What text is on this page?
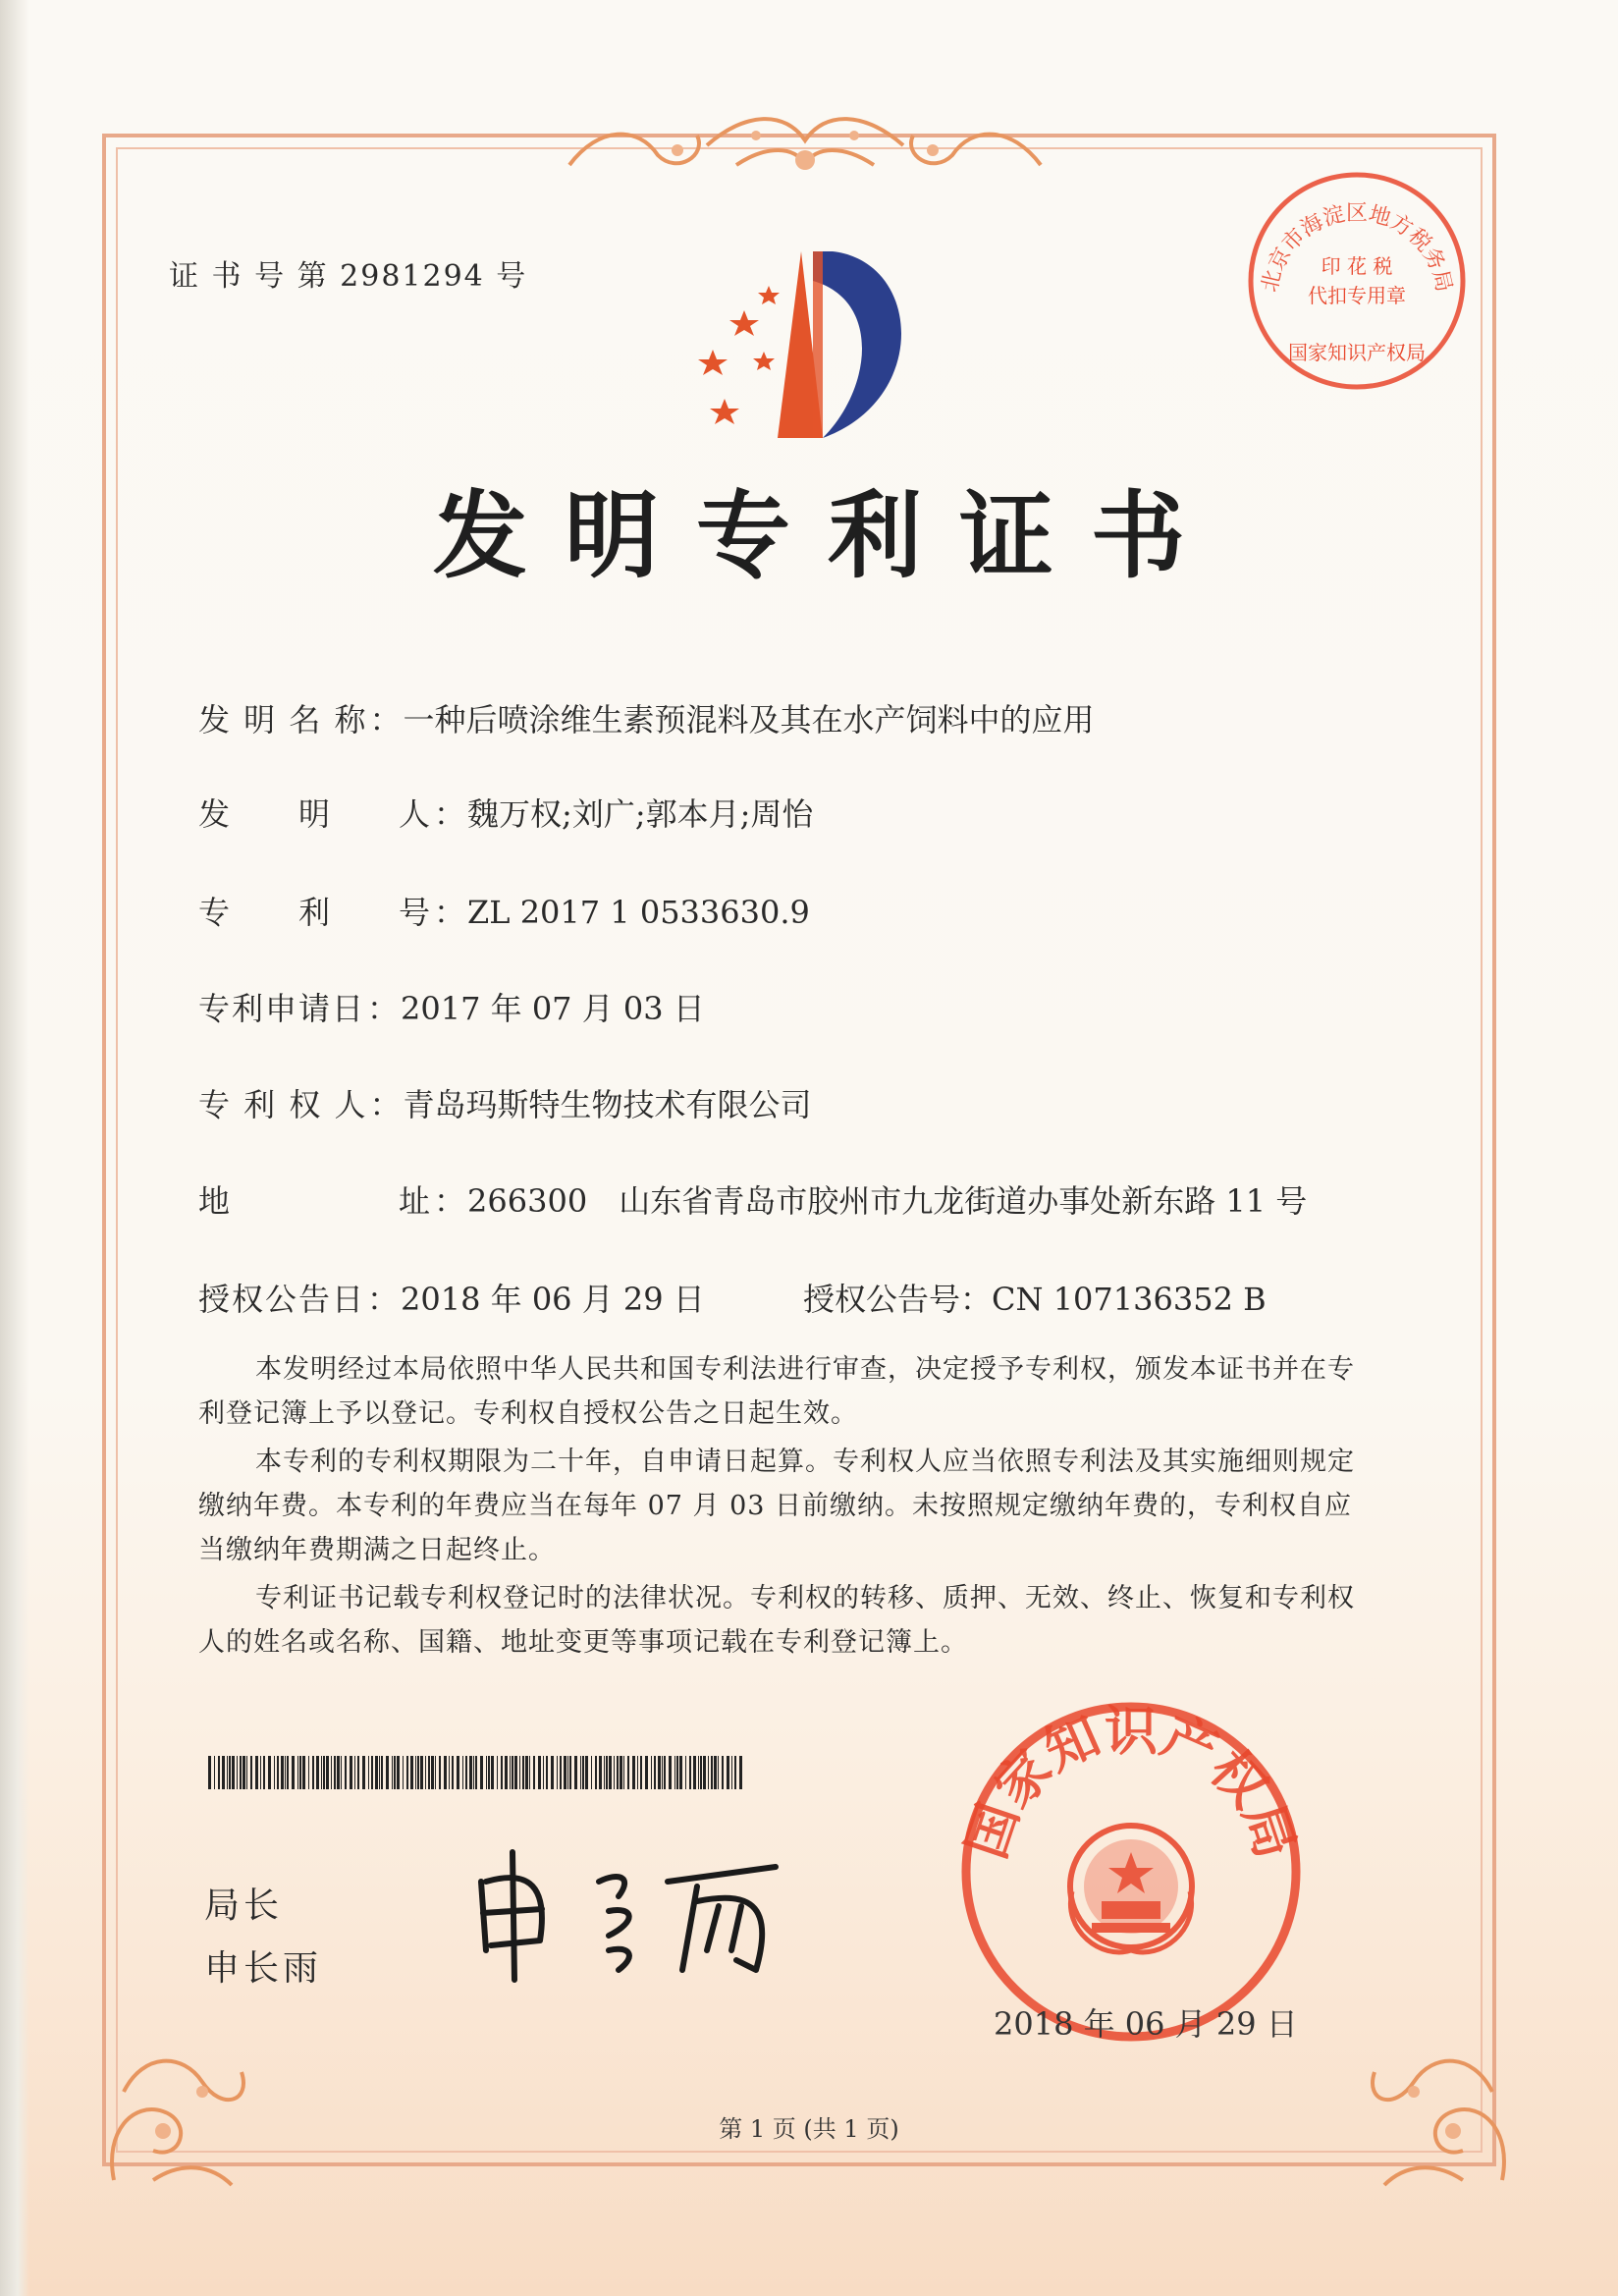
证 书 号 第 2981294 号	北京市海淀区地方税务局
印 花 税
代扣专用章
国家知识产权局
发明专利证书
发 明 名 称：一种后喷涂维生素预混料及其在水产饲料中的应用
发　　明　　人：魏万权;刘广;郭本月;周怡
专　　利　　号：ZL 2017 1 0533630.9
专利申请日：2017 年 07 月 03 日
专 利 权 人：青岛玛斯特生物技术有限公司
地　　　　　址：266300　山东省青岛市胶州市九龙街道办事处新东路 11 号
授权公告日：2018 年 06 月 29 日	授权公告号：CN 107136352 B

本发明经过本局依照中华人民共和国专利法进行审查，决定授予专利权，颁发本证书并在专利登记簿上予以登记。专利权自授权公告之日起生效。

本专利的专利权期限为二十年，自申请日起算。专利权人应当依照专利法及其实施细则规定缴纳年费。本专利的年费应当在每年 07 月 03 日前缴纳。未按照规定缴纳年费的，专利权自应当缴纳年费期满之日起终止。

专利证书记载专利权登记时的法律状况。专利权的转移、质押、无效、终止、恢复和专利权人的姓名或名称、国籍、地址变更等事项记载在专利登记簿上。

局长
申长雨
国家知识产权局
2018 年 06 月 29 日
第 1 页 (共 1 页)
